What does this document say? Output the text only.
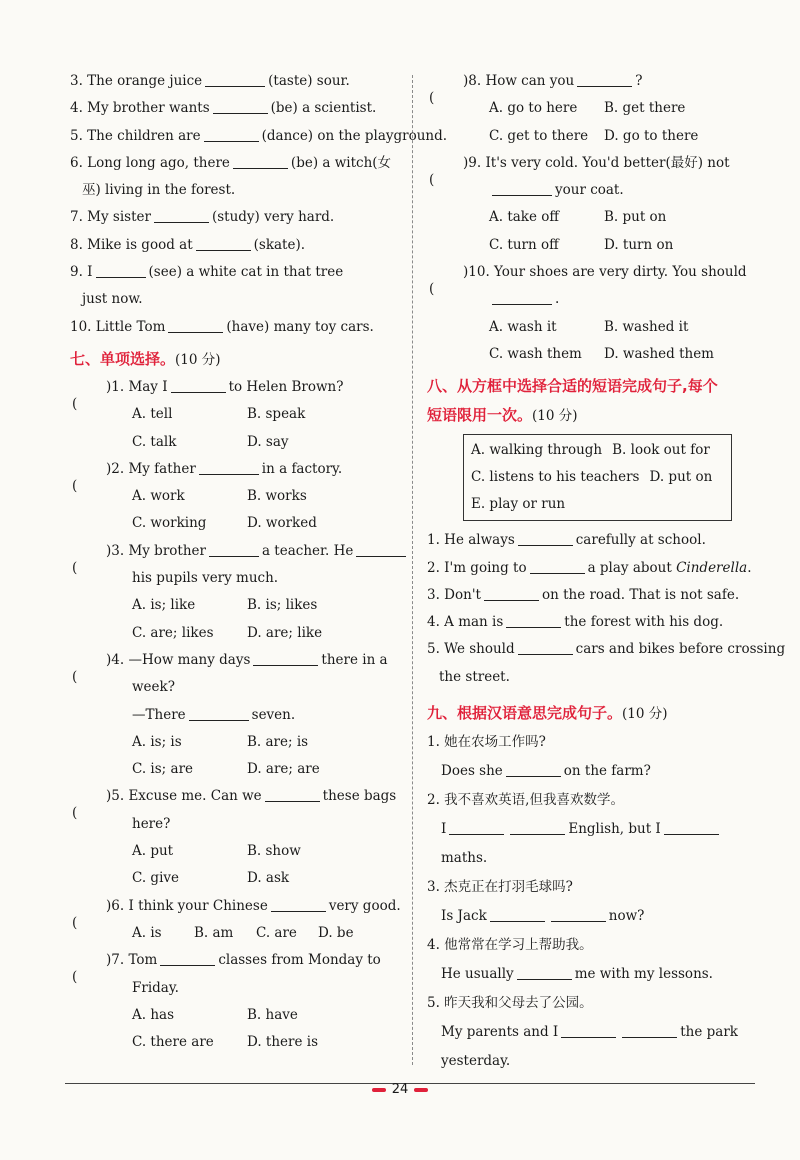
3. The orange juice	(taste) sour.
4. My brother wants	(be) a scientist.
5. The children are	(dance) on the playground.
6. Long long ago, there	(be) a witch(女
巫) living in the forest.
7. My sister	(study) very hard.
8. Mike is good at	(skate).
9. I	(see) a white cat in that tree
just now.
10. Little Tom	(have) many toy cars.
七、单项选择。(10 分)
(
)1. May I	to Helen Brown?
A. tell	B. speak
C. talk	D. say
(
)2. My father	in a factory.
A. work	B. works
C. working	D. worked
(
)3. My brother	a teacher. He
his pupils very much.
A. is; like	B. is; likes
C. are; likes D. are; like
(
)4. —How many days	there in a
week?
—There	seven.
A. is; is	B. are; is
C. is; are	D. are; are
(
)5. Excuse me. Can we	these bags
here?
A. put	B. show
C. give	D. ask
(
)6. I think your Chinese	very good.
A. is B. am C. are D. be
(
)7. Tom	classes from Monday to
Friday.
A. has	B. have
C. there are D. there is
(
)8. How can you	?
A. go to here B. get there
C. get to there D. go to there
(
)9. It's very cold. You'd better(最好) not
your coat.
A. take off	B. put on
C. turn off	D. turn on
(
)10. Your shoes are very dirty. You should
.
A. wash it	B. washed it
C. wash them D. washed them
八、从方框中选择合适的短语完成句子,每个
短语限用一次。(10 分)
A. walking through B. look out for
C. listens to his teachers D. put on
E. play or run
1. He always	carefully at school.
2. I'm going to	a play about Cinderella.
3. Don't	on the road. That is not safe.
4. A man is	the forest with his dog.
5. We should	cars and bikes before crossing
the street.
九、根据汉语意思完成句子。(10 分)
1. 她在农场工作吗?
Does she	on the farm?
2. 我不喜欢英语,但我喜欢数学。
I	English, but I
maths.
3. 杰克正在打羽毛球吗?
Is Jack	now?
4. 他常常在学习上帮助我。
He usually	me with my lessons.
5. 昨天我和父母去了公园。
My parents and I	the park
yesterday.
24
